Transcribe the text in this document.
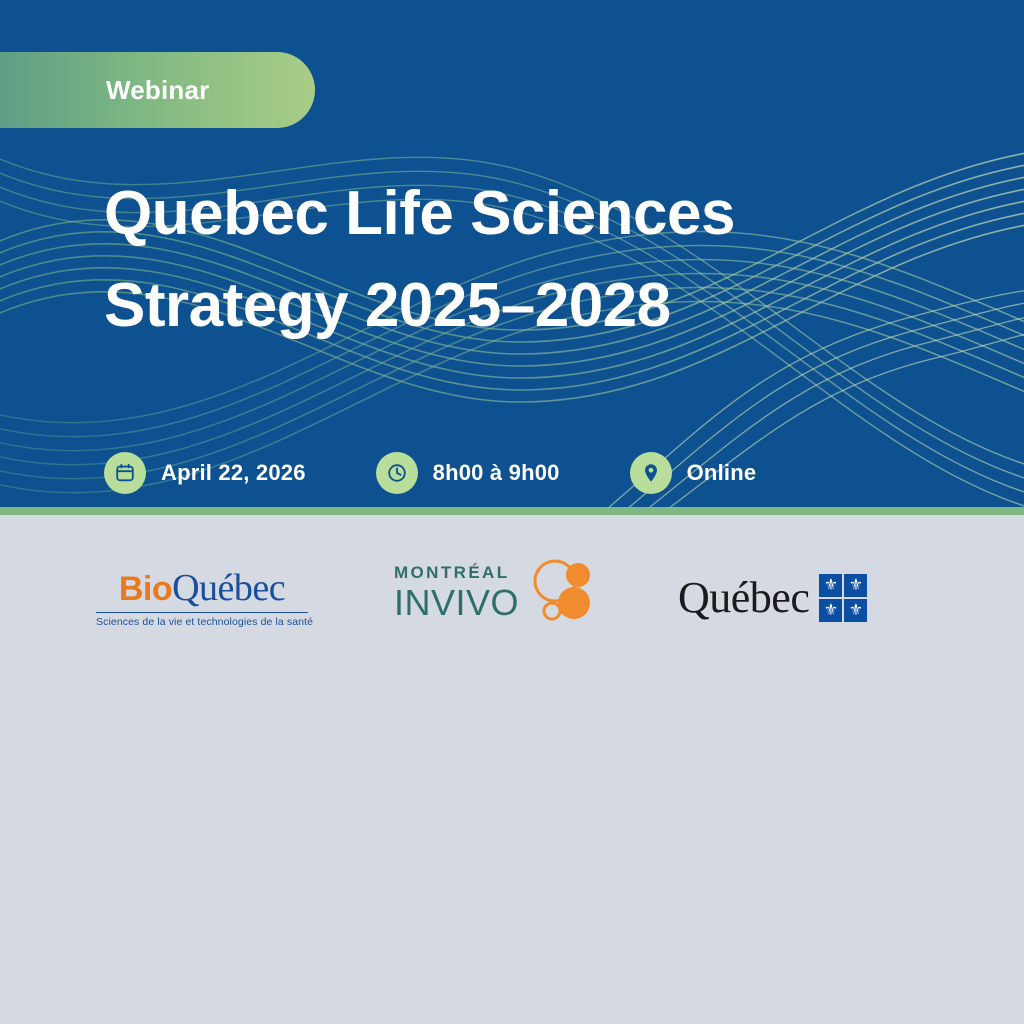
Webinar
Quebec Life Sciences
Strategy 2025–2028
April 22, 2026	8h00 à 9h00	Online
BioQuébec
Sciences de la vie et technologies de la santé
MONTRÉAL
INVIVO	Québec ⚜ ⚜
⚜ ⚜
